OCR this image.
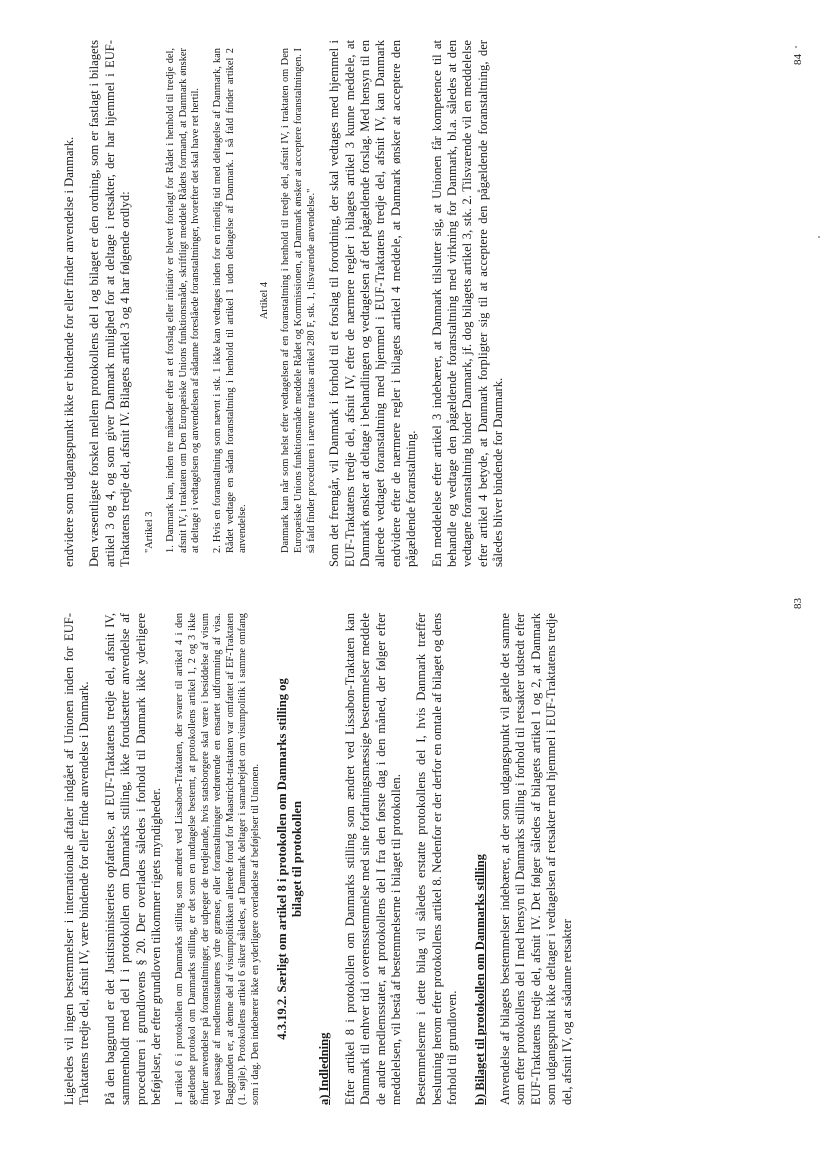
Ligeledes vil ingen bestemmelser i internationale aftaler indgået af Unionen inden for EUF-Traktatens tredje del, afsnit IV, være bindende for eller finde anvendelse i Danmark. På den baggrund er det Justitsministeriets opfattelse, at EUF-Traktatens tredje del, afsnit IV, sammenholdt med del I i protokollen om Danmarks stilling, ikke forudsætter anvendelse af proceduren i grundlovens § 20. Der overlades således i forhold til Danmark ikke yderligere beføjelser, der efter grundloven tilkommer rigets myndigheder. I artikel 6 i protokollen om Danmarks stilling som ændret ved Lissabon-Traktaten, der svarer til artikel 4 i den gældende protokol om Danmarks stilling, er det som en undtagelse bestemt, at protokollens artikel 1, 2 og 3 ikke finder anvendelse på foranstaltninger, der udpeger de tredjelande, hvis statsborgere skal være i besiddelse af visum ved passage af medlemsstaternes ydre grænser, eller foranstaltninger vedrørende en ensartet udformning af visa. Baggrunden er, at denne del af visumpolitikken allerede forud for Maastricht-traktaten var omfattet af EF-Traktaten (1. søjle). Protokollens artikel 6 sikrer således, at Danmark deltager i samarbejdet om visumpolitik i samme omfang som i dag. Den indebærer ikke en yderligere overladelse af beføjelser til Unionen. 4.3.19.2. Særligt om artikel 8 i protokollen om Danmarks stilling og bilaget til protokollen
a) Indledning Efter artikel 8 i protokollen om Danmarks stilling som ændret ved Lissabon-Traktaten kan Danmark til enhver tid i overensstemmelse med sine forfatningsmæssige bestemmelser meddele de andre medlemsstater, at protokollens del I fra den første dag i den måned, der følger efter meddelelsen, vil bestå af bestemmelserne i bilaget til protokollen. Bestemmelserne i dette bilag vil således erstatte protokollens del I, hvis Danmark træffer beslutning herom efter protokollens artikel 8. Nedenfor er der derfor en omtale af bilaget og dens forhold til grundloven. b) Bilaget til protokollen om Danmarks stilling Anvendelse af bilagets bestemmelser indebærer, at der som udgangspunkt vil gælde det samme som efter protokollens del I med hensyn til Danmarks stilling i forhold til retsakter udstedt efter EUF-Traktatens tredje del, afsnit IV. Det følger således af bilagets artikel 1 og 2, at Danmark som udgangspunkt ikke deltager i vedtagelsen af retsakter med hjemmel i EUF-Traktatens tredje del, afsnit IV, og at sådanne retsakter

83

endvidere som udgangspunkt ikke er bindende for eller finder anvendelse i Danmark. Den væsentligste forskel mellem protokollens del I og bilaget er den ordning, som er fastlagt i bilagets artikel 3 og 4, og som giver Danmark mulighed for at deltage i retsakter, der har hjemmel i EUF-Traktatens tredje del, afsnit IV. Bilagets artikel 3 og 4 har følgende ordlyd: "Artikel 3 1. Danmark kan, inden tre måneder efter at et forslag eller initiativ er blevet forelagt for Rådet i henhold til tredje del, afsnit IV, i traktaten om Den Europæiske Unions funktionsmåde, skriftligt meddele Rådets formand, at Danmark ønsker at deltage i vedtagelsen og anvendelsen af sådanne foreslåede foranstaltninger, hvorefter det skal have ret hertil. 2. Hvis en foranstaltning som nævnt i stk. 1 ikke kan vedtages inden for en rimelig tid med deltagelse af Danmark, kan Rådet vedtage en sådan foranstaltning i henhold til artikel 1 uden deltagelse af Danmark. I så fald finder artikel 2 anvendelse.

Artikel 4 Danmark kan når som helst efter vedtagelsen af en foranstaltning i henhold til tredje del, afsnit IV, i traktaten om Den Europæiske Unions funktionsmåde meddele Rådet og Kommissionen, at Danmark ønsker at acceptere foranstaltningen. I så fald finder proceduren i nævnte traktats artikel 280 F, stk. 1, tilsvarende anvendelse." Som det fremgår, vil Danmark i forhold til et forslag til forordning, der skal vedtages med hjemmel i EUF-Traktatens tredje del, afsnit IV, efter de nærmere regler i bilagets artikel 3 kunne meddele, at Danmark ønsker at deltage i behandlingen og vedtagelsen af det pågældende forslag. Med hensyn til en allerede vedtaget foranstaltning med hjemmel i EUF-Traktatens tredje del, afsnit IV, kan Danmark endvidere efter de nærmere regler i bilagets artikel 4 meddele, at Danmark ønsker at acceptere den pågældende foranstaltning. En meddelelse efter artikel 3 indebærer, at Danmark tilslutter sig, at Unionen får kompetence til at behandle og vedtage den pågældende foranstaltning med virkning for Danmark, bl.a. således at den vedtagne foranstaltning binder Danmark, jf. dog bilagets artikel 3, stk. 2. Tilsvarende vil en meddelelse efter artikel 4 betyde, at Danmark forpligter sig til at acceptere den pågældende foranstaltning, der således bliver bindende for Danmark.

84
